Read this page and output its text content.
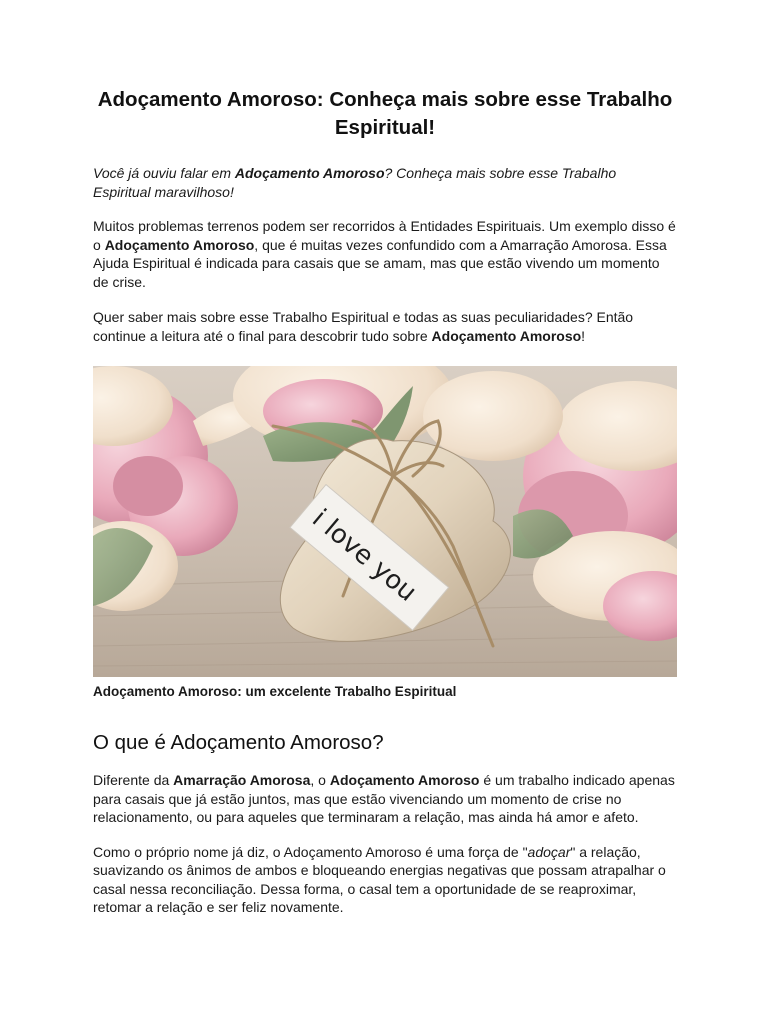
Adoçamento Amoroso: Conheça mais sobre esse Trabalho Espiritual!

Você já ouviu falar em Adoçamento Amoroso? Conheça mais sobre esse Trabalho Espiritual maravilhoso!

Muitos problemas terrenos podem ser recorridos à Entidades Espirituais. Um exemplo disso é o Adoçamento Amoroso, que é muitas vezes confundido com a Amarração Amorosa. Essa Ajuda Espiritual é indicada para casais que se amam, mas que estão vivendo um momento de crise.

Quer saber mais sobre esse Trabalho Espiritual e todas as suas peculiaridades? Então continue a leitura até o final para descobrir tudo sobre Adoçamento Amoroso!

i love you

Adoçamento Amoroso: um excelente Trabalho Espiritual

O que é Adoçamento Amoroso?

Diferente da Amarração Amorosa, o Adoçamento Amoroso é um trabalho indicado apenas para casais que já estão juntos, mas que estão vivenciando um momento de crise no relacionamento, ou para aqueles que terminaram a relação, mas ainda há amor e afeto.

Como o próprio nome já diz, o Adoçamento Amoroso é uma força de "adoçar" a relação, suavizando os ânimos de ambos e bloqueando energias negativas que possam atrapalhar o casal nessa reconciliação. Dessa forma, o casal tem a oportunidade de se reaproximar, retomar a relação e ser feliz novamente.
